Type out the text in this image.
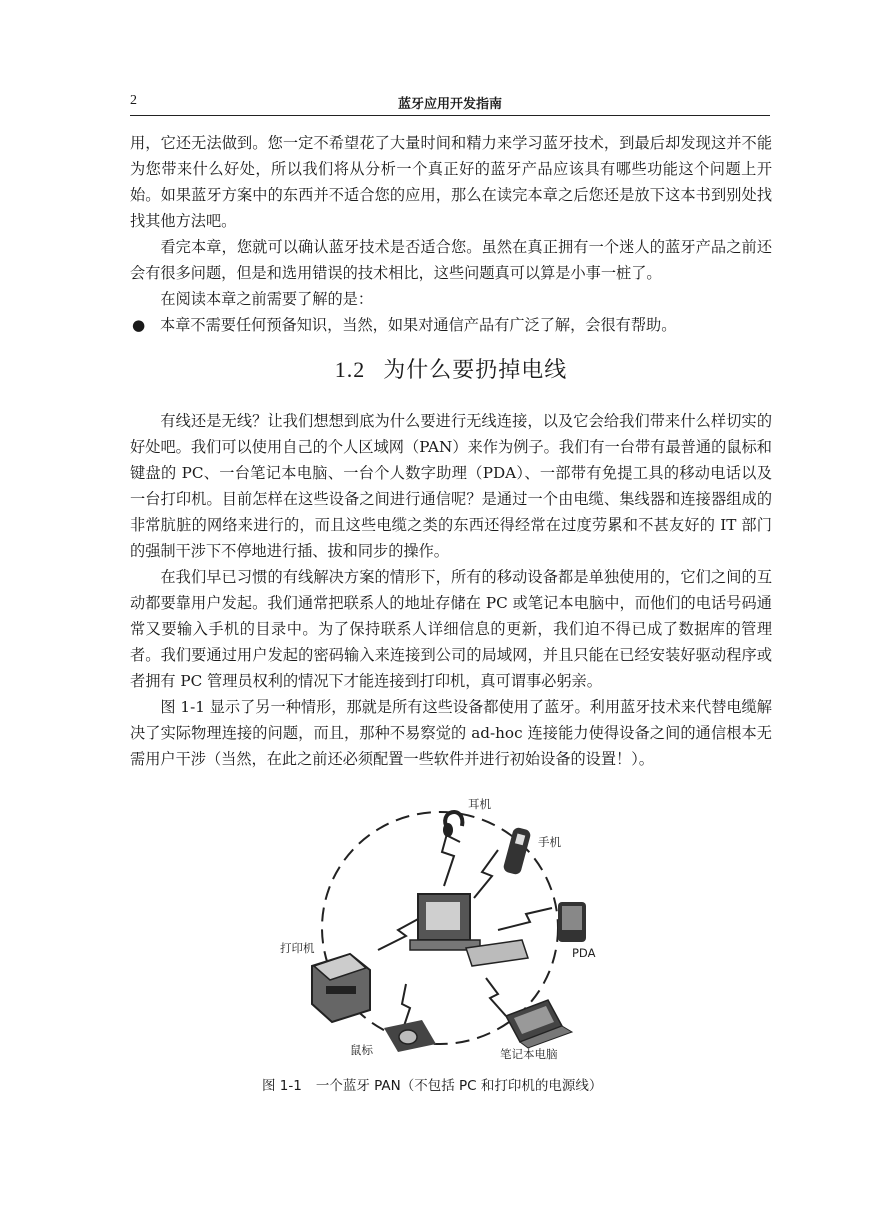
2	蓝牙应用开发指南

用，它还无法做到。您一定不希望花了大量时间和精力来学习蓝牙技术，到最后却发现这并不能为您带来什么好处，所以我们将从分析一个真正好的蓝牙产品应该具有哪些功能这个问题上开始。如果蓝牙方案中的东西并不适合您的应用，那么在读完本章之后您还是放下这本书到别处找找其他方法吧。

看完本章，您就可以确认蓝牙技术是否适合您。虽然在真正拥有一个迷人的蓝牙产品之前还会有很多问题，但是和选用错误的技术相比，这些问题真可以算是小事一桩了。

在阅读本章之前需要了解的是：

● 本章不需要任何预备知识，当然，如果对通信产品有广泛了解，会很有帮助。

1.2 为什么要扔掉电线

有线还是无线？让我们想想到底为什么要进行无线连接，以及它会给我们带来什么样切实的好处吧。我们可以使用自己的个人区域网（PAN）来作为例子。我们有一台带有最普通的鼠标和键盘的 PC、一台笔记本电脑、一台个人数字助理（PDA）、一部带有免提工具的移动电话以及一台打印机。目前怎样在这些设备之间进行通信呢？是通过一个由电缆、集线器和连接器组成的非常肮脏的网络来进行的，而且这些电缆之类的东西还得经常在过度劳累和不甚友好的 IT 部门的强制干涉下不停地进行插、拔和同步的操作。

在我们早已习惯的有线解决方案的情形下，所有的移动设备都是单独使用的，它们之间的互动都要靠用户发起。我们通常把联系人的地址存储在 PC 或笔记本电脑中，而他们的电话号码通常又要输入手机的目录中。为了保持联系人详细信息的更新，我们迫不得已成了数据库的管理者。我们要通过用户发起的密码输入来连接到公司的局域网，并且只能在已经安装好驱动程序或者拥有 PC 管理员权利的情况下才能连接到打印机，真可谓事必躬亲。

图 1-1 显示了另一种情形，那就是所有这些设备都使用了蓝牙。利用蓝牙技术来代替电缆解决了实际物理连接的问题，而且，那种不易察觉的 ad-hoc 连接能力使得设备之间的通信根本无需用户干涉（当然，在此之前还必须配置一些软件并进行初始设备的设置！）。

耳机
手机
PDA
打印机
鼠标	笔记本电脑
图 1-1 一个蓝牙 PAN（不包括 PC 和打印机的电源线）
